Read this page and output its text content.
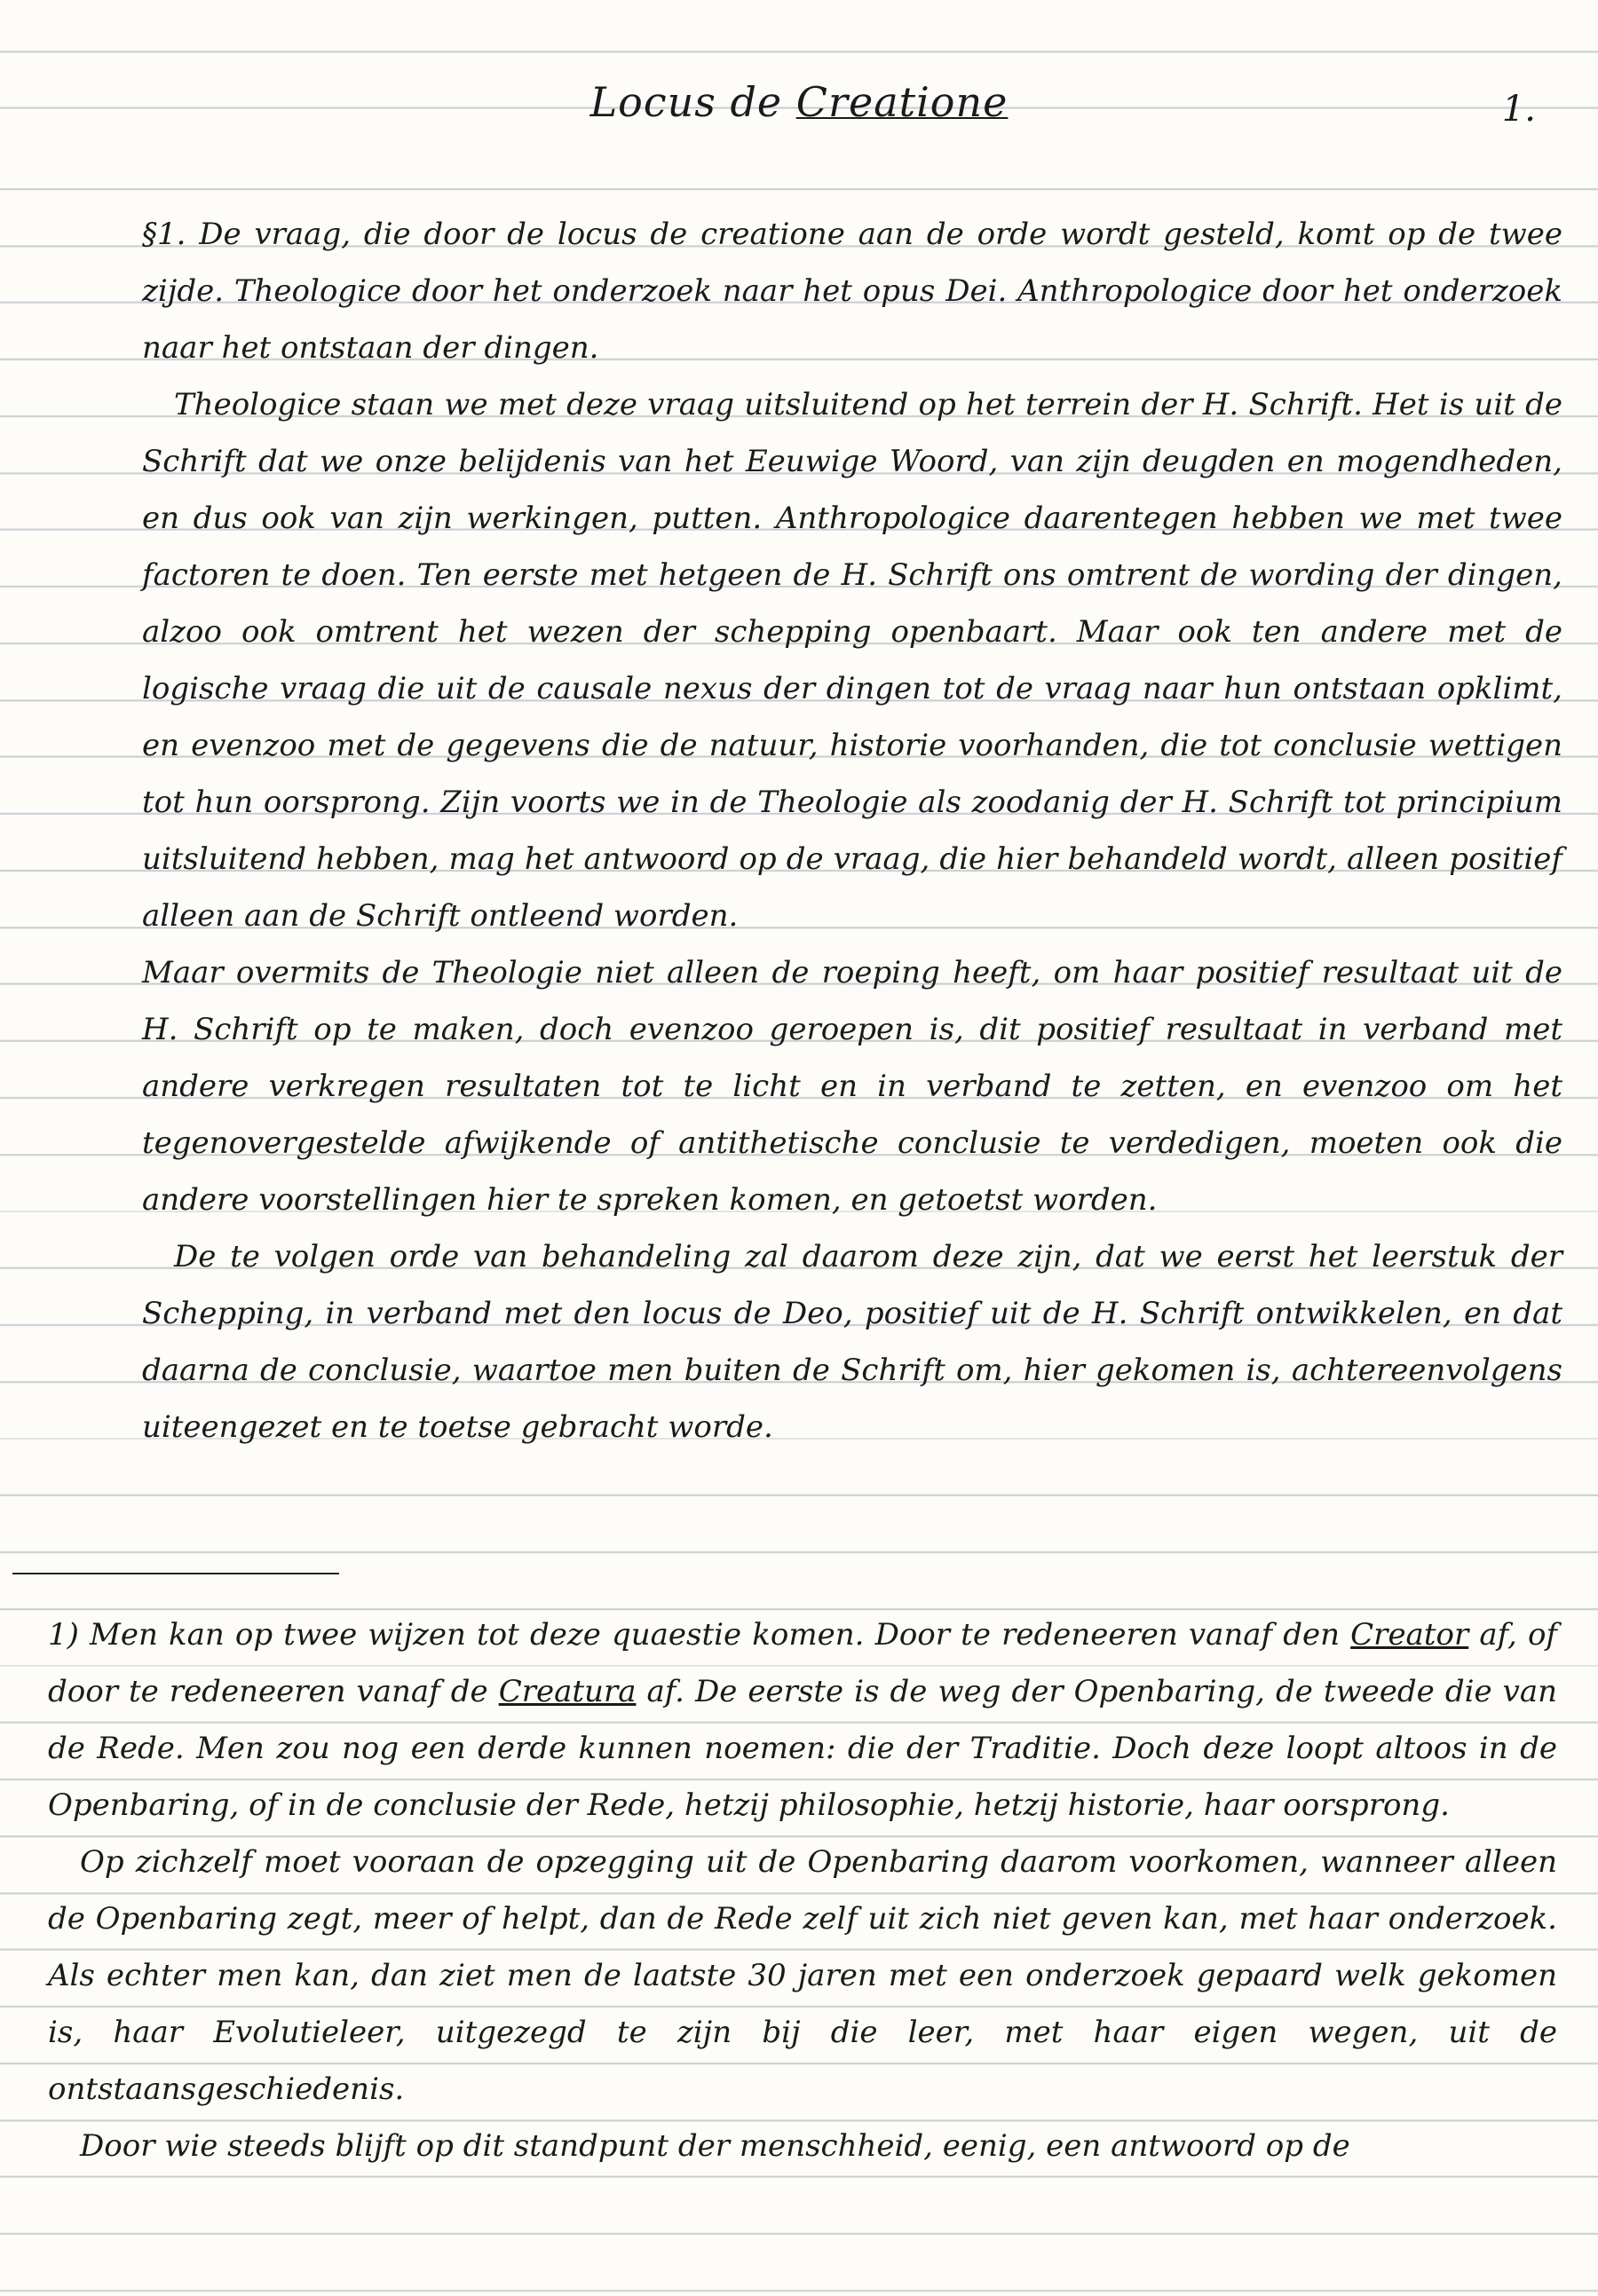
Locus de Creatione	1.

§1. De vraag, die door de locus de creatione aan de orde wordt gesteld, komt op de twee zijde. Theologice door het onderzoek naar het opus Dei. Anthropologice door het onderzoek naar het ontstaan der dingen.

Theologice staan we met deze vraag uitsluitend op het terrein der H. Schrift. Het is uit de Schrift dat we onze belijdenis van het Eeuwige Woord, van zijn deugden en mogendheden, en dus ook van zijn werkingen, putten. Anthropologice daarentegen hebben we met twee factoren te doen. Ten eerste met hetgeen de H. Schrift ons omtrent de wording der dingen, alzoo ook omtrent het wezen der schepping openbaart. Maar ook ten andere met de logische vraag die uit de causale nexus der dingen tot de vraag naar hun ontstaan opklimt, en evenzoo met de gegevens die de natuur, historie voorhanden, die tot conclusie wettigen tot hun oorsprong. Zijn voorts we in de Theologie als zoodanig der H. Schrift tot principium uitsluitend hebben, mag het antwoord op de vraag, die hier behandeld wordt, alleen positief alleen aan de Schrift ontleend worden.

Maar overmits de Theologie niet alleen de roeping heeft, om haar positief resultaat uit de H. Schrift op te maken, doch evenzoo geroepen is, dit positief resultaat in verband met andere verkregen resultaten tot te licht en in verband te zetten, en evenzoo om het tegenovergestelde afwijkende of antithetische conclusie te verdedigen, moeten ook die andere voorstellingen hier te spreken komen, en getoetst worden.

De te volgen orde van behandeling zal daarom deze zijn, dat we eerst het leerstuk der Schepping, in verband met den locus de Deo, positief uit de H. Schrift ontwikkelen, en dat daarna de conclusie, waartoe men buiten de Schrift om, hier gekomen is, achtereenvolgens uiteengezet en te toetse gebracht worde.

1) Men kan op twee wijzen tot deze quaestie komen. Door te redeneeren vanaf den Creator af, of door te redeneeren vanaf de Creatura af. De eerste is de weg der Openbaring, de tweede die van de Rede. Men zou nog een derde kunnen noemen: die der Traditie. Doch deze loopt altoos in de Openbaring, of in de conclusie der Rede, hetzij philosophie, hetzij historie, haar oorsprong.

Op zichzelf moet vooraan de opzegging uit de Openbaring daarom voorkomen, wanneer alleen de Openbaring zegt, meer of helpt, dan de Rede zelf uit zich niet geven kan, met haar onderzoek. Als echter men kan, dan ziet men de laatste 30 jaren met een onderzoek gepaard welk gekomen is, haar Evolutieleer, uitgezegd te zijn bij die leer, met haar eigen wegen, uit de ontstaansgeschiedenis.

Door wie steeds blijft op dit standpunt der menschheid, eenig, een antwoord op de
